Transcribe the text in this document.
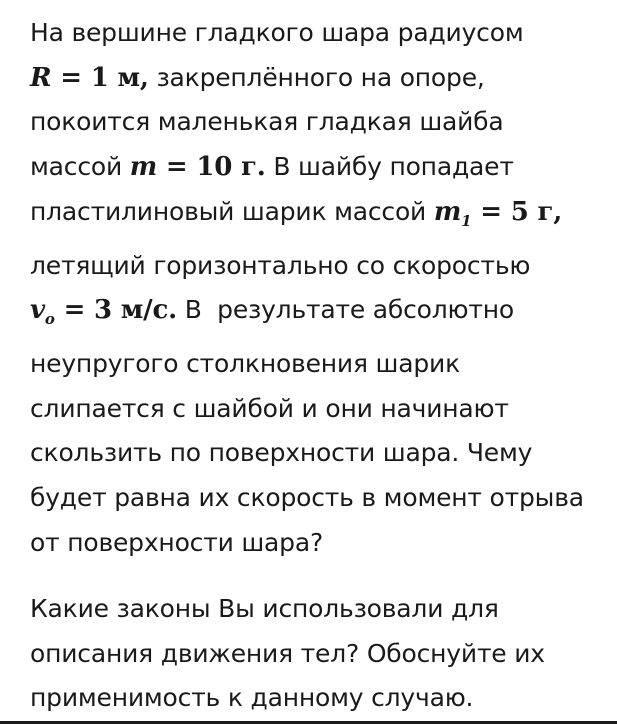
На вершине гладкого шара радиусом
R = 1 м, закреплённого на опоре,
покоится маленькая гладкая шайба
массой m = 10 г. В шайбу попадает
пластилиновый шарик массой $m_1 = 5$ г,
летящий горизонтально со скоростью
$v_o = 3$ м/с. В  результате абсолютно
неупругого столкновения шарик
слипается с шайбой и они начинают
скользить по поверхности шара. Чему
будет равна их скорость в момент отрыва
от поверхности шара?
Какие законы Вы использовали для
описания движения тел? Обоснуйте их
применимость к данному случаю.
